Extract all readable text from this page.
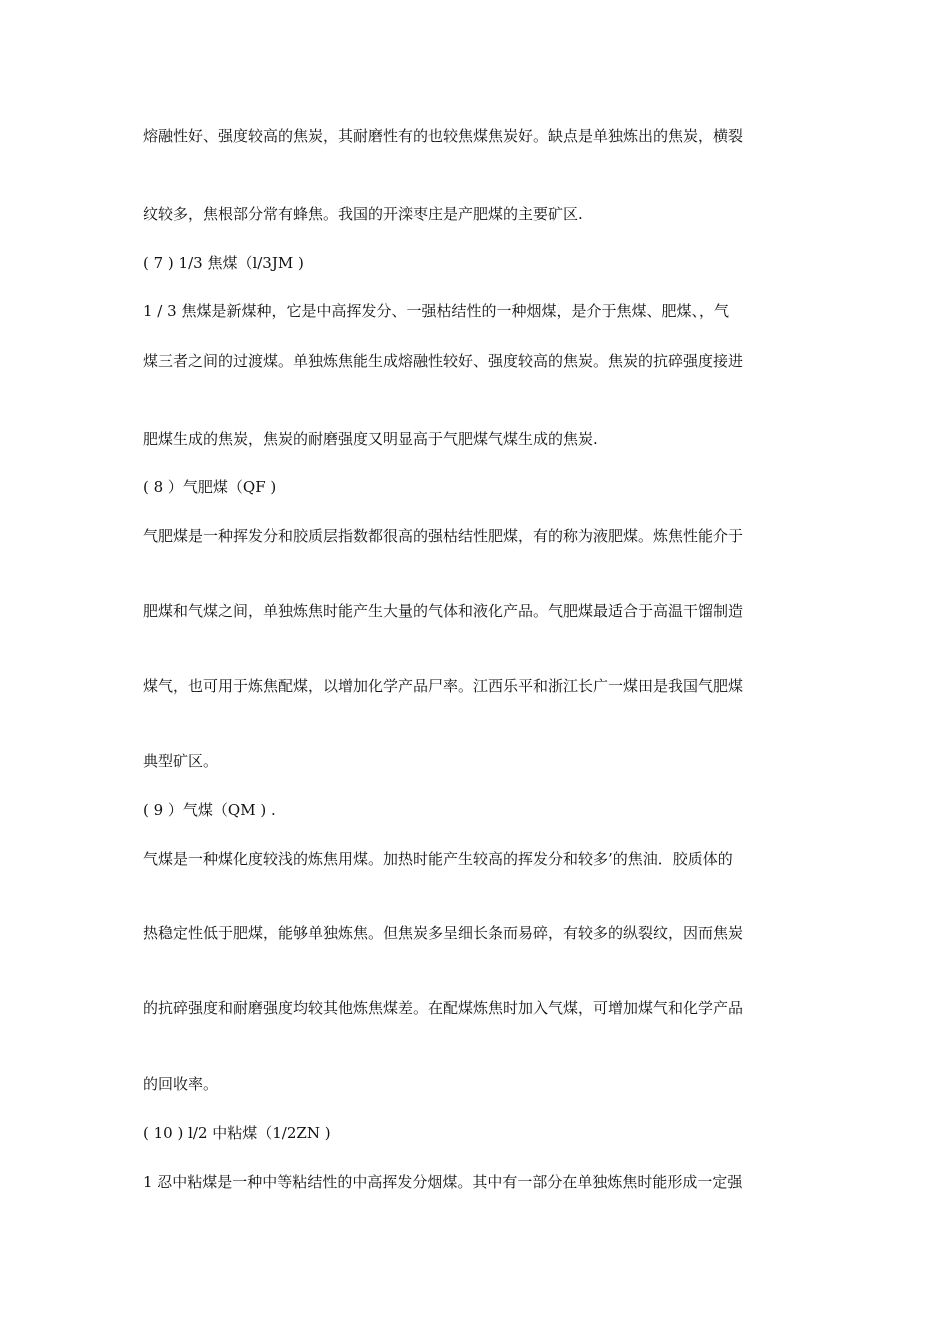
熔融性好、强度较高的焦炭，其耐磨性有的也较焦煤焦炭好。缺点是单独炼出的焦炭，横裂

纹较多，焦根部分常有蜂焦。我国的开滦枣庄是产肥煤的主要矿区.

( 7 ) 1/3 焦煤（l/3JM )

1 / 3 焦煤是新煤种，它是中高挥发分、一强枯结性的一种烟煤，是介于焦煤、肥煤、，气

煤三者之间的过渡煤。单独炼焦能生成熔融性较好、强度较高的焦炭。焦炭的抗碎强度接进

肥煤生成的焦炭，焦炭的耐磨强度又明显高于气肥煤气煤生成的焦炭.

( 8 ）气肥煤（QF )

气肥煤是一种挥发分和胶质层指数都很高的强枯结性肥煤，有的称为液肥煤。炼焦性能介于

肥煤和气煤之间，单独炼焦时能产生大量的气体和液化产品。气肥煤最适合于高温干馏制造

煤气，也可用于炼焦配煤，以增加化学产品尸率。江西乐平和浙江长广一煤田是我国气肥煤

典型矿区。

( 9 ）气煤（QM ) .

气煤是一种煤化度较浅的炼焦用煤。加热时能产生较高的挥发分和较多’的焦油．胶质体的

热稳定性低于肥煤，能够单独炼焦。但焦炭多呈细长条而易碎，有较多的纵裂纹，因而焦炭

的抗碎强度和耐磨强度均较其他炼焦煤差。在配煤炼焦时加入气煤，可增加煤气和化学产品

的回收率。

( 10 ) l/2 中粘煤（1/2ZN )

1 忍中粘煤是一种中等粘结性的中高挥发分烟煤。其中有一部分在单独炼焦时能形成一定强
